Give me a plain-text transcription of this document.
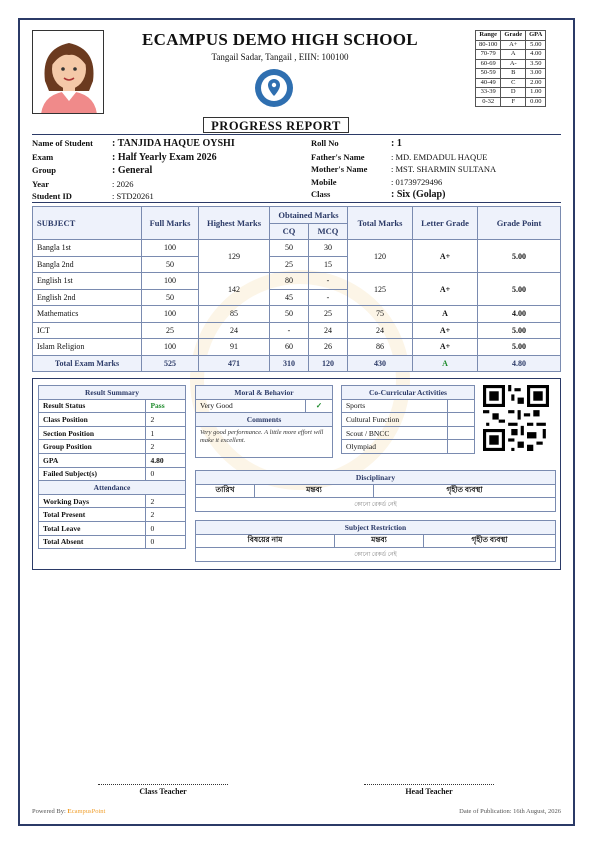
ECAMPUS DEMO HIGH SCHOOL
Tangail Sadar, Tangail , EIIN: 100100
PROGRESS REPORT
Range	Grade	GPA
80-100	A+	5.00
70-79	A	4.00
60-69	A-	3.50
50-59	B	3.00
40-49	C	2.00
33-39	D	1.00
0-32	F	0.00
Name of Student : TANJIDA HAQUE OYSHI
Exam	: Half Yearly Exam 2026
Group	: General
Year	: 2026
Student ID	: STD20261
Roll No	: 1
Father's Name	: MD. EMDADUL HAQUE
Mother's Name	: MST. SHARMIN SULTANA
Mobile	: 01739729496
Class	: Six (Golap)
SUBJECT	Full Marks	Highest Marks	Obtained Marks		Total Marks	Letter Grade	Grade Point
			CQ	MCQ			
Bangla 1st	100	129	50	30	120	A+	5.00
Bangla 2nd	50		25	15			
English 1st	100	142	80	-	125	A+	5.00
English 2nd	50		45	-			
Mathematics	100	85	50	25	75	A	4.00
ICT	25	24	-	24	24	A+	5.00
Islam Religion	100	91	60	26	86	A+	5.00
Total Exam Marks	525	471	310	120	430	A	4.80
Result Summary	
Result Status	Pass
Class Position	2
Section Position	1
Group Position	2
GPA	4.80
Failed Subject(s)	0
Attendance	
Working Days	2
Total Present	2
Total Leave	0
Total Absent	0
Moral & Behavior
Very Good	✓
Comments

Very good performance. A little more effort will make it excellent.
Co-Curricular Activities	
Sports	
Cultural Function	
Scout / BNCC	
Olympiad	
Disciplinary
তারিখ	মন্তব্য	গৃহীত ব্যবস্থা
কোনো রেকর্ড নেই
Subject Restriction
বিষয়ের নাম	মন্তব্য	গৃহীত ব্যবস্থা
কোনো রেকর্ড নেই
Class Teacher	Head Teacher
Powered By: EcampusPoint	Date of Publication: 16th August, 2026
